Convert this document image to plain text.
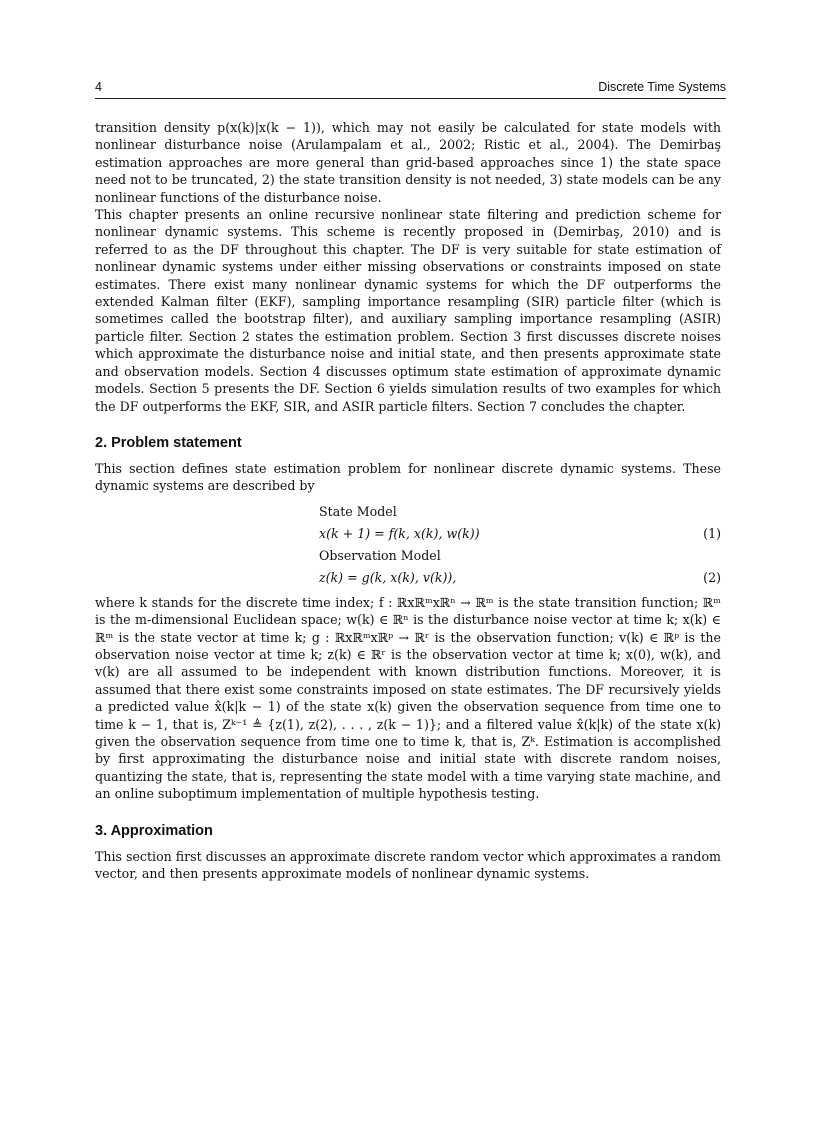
4	Discrete Time Systems

transition density p(x(k)|x(k − 1)), which may not easily be calculated for state models with nonlinear disturbance noise (Arulampalam et al., 2002; Ristic et al., 2004). The Demirbaş estimation approaches are more general than grid-based approaches since 1) the state space need not to be truncated, 2) the state transition density is not needed, 3) state models can be any nonlinear functions of the disturbance noise.

This chapter presents an online recursive nonlinear state filtering and prediction scheme for nonlinear dynamic systems. This scheme is recently proposed in (Demirbaş, 2010) and is referred to as the DF throughout this chapter. The DF is very suitable for state estimation of nonlinear dynamic systems under either missing observations or constraints imposed on state estimates. There exist many nonlinear dynamic systems for which the DF outperforms the extended Kalman filter (EKF), sampling importance resampling (SIR) particle filter (which is sometimes called the bootstrap filter), and auxiliary sampling importance resampling (ASIR) particle filter. Section 2 states the estimation problem. Section 3 first discusses discrete noises which approximate the disturbance noise and initial state, and then presents approximate state and observation models. Section 4 discusses optimum state estimation of approximate dynamic models. Section 5 presents the DF. Section 6 yields simulation results of two examples for which the DF outperforms the EKF, SIR, and ASIR particle filters. Section 7 concludes the chapter.

2. Problem statement

This section defines state estimation problem for nonlinear discrete dynamic systems. These dynamic systems are described by

State Model
x(k + 1) = f(k, x(k), w(k))	(1)
Observation Model
z(k) = g(k, x(k), v(k)),	(2)

where k stands for the discrete time index; f : ℝxℝᵐxℝⁿ → ℝᵐ is the state transition function; ℝᵐ is the m-dimensional Euclidean space; w(k) ∈ ℝⁿ is the disturbance noise vector at time k; x(k) ∈ ℝᵐ is the state vector at time k; g : ℝxℝᵐxℝᵖ → ℝʳ is the observation function; v(k) ∈ ℝᵖ is the observation noise vector at time k; z(k) ∈ ℝʳ is the observation vector at time k; x(0), w(k), and v(k) are all assumed to be independent with known distribution functions. Moreover, it is assumed that there exist some constraints imposed on state estimates. The DF recursively yields a predicted value x̂(k|k − 1) of the state x(k) given the observation sequence from time one to time k − 1, that is, Zᵏ⁻¹ ≜ {z(1), z(2), . . . , z(k − 1)}; and a filtered value x̂(k|k) of the state x(k) given the observation sequence from time one to time k, that is, Zᵏ. Estimation is accomplished by first approximating the disturbance noise and initial state with discrete random noises, quantizing the state, that is, representing the state model with a time varying state machine, and an online suboptimum implementation of multiple hypothesis testing.

3. Approximation

This section first discusses an approximate discrete random vector which approximates a random vector, and then presents approximate models of nonlinear dynamic systems.
